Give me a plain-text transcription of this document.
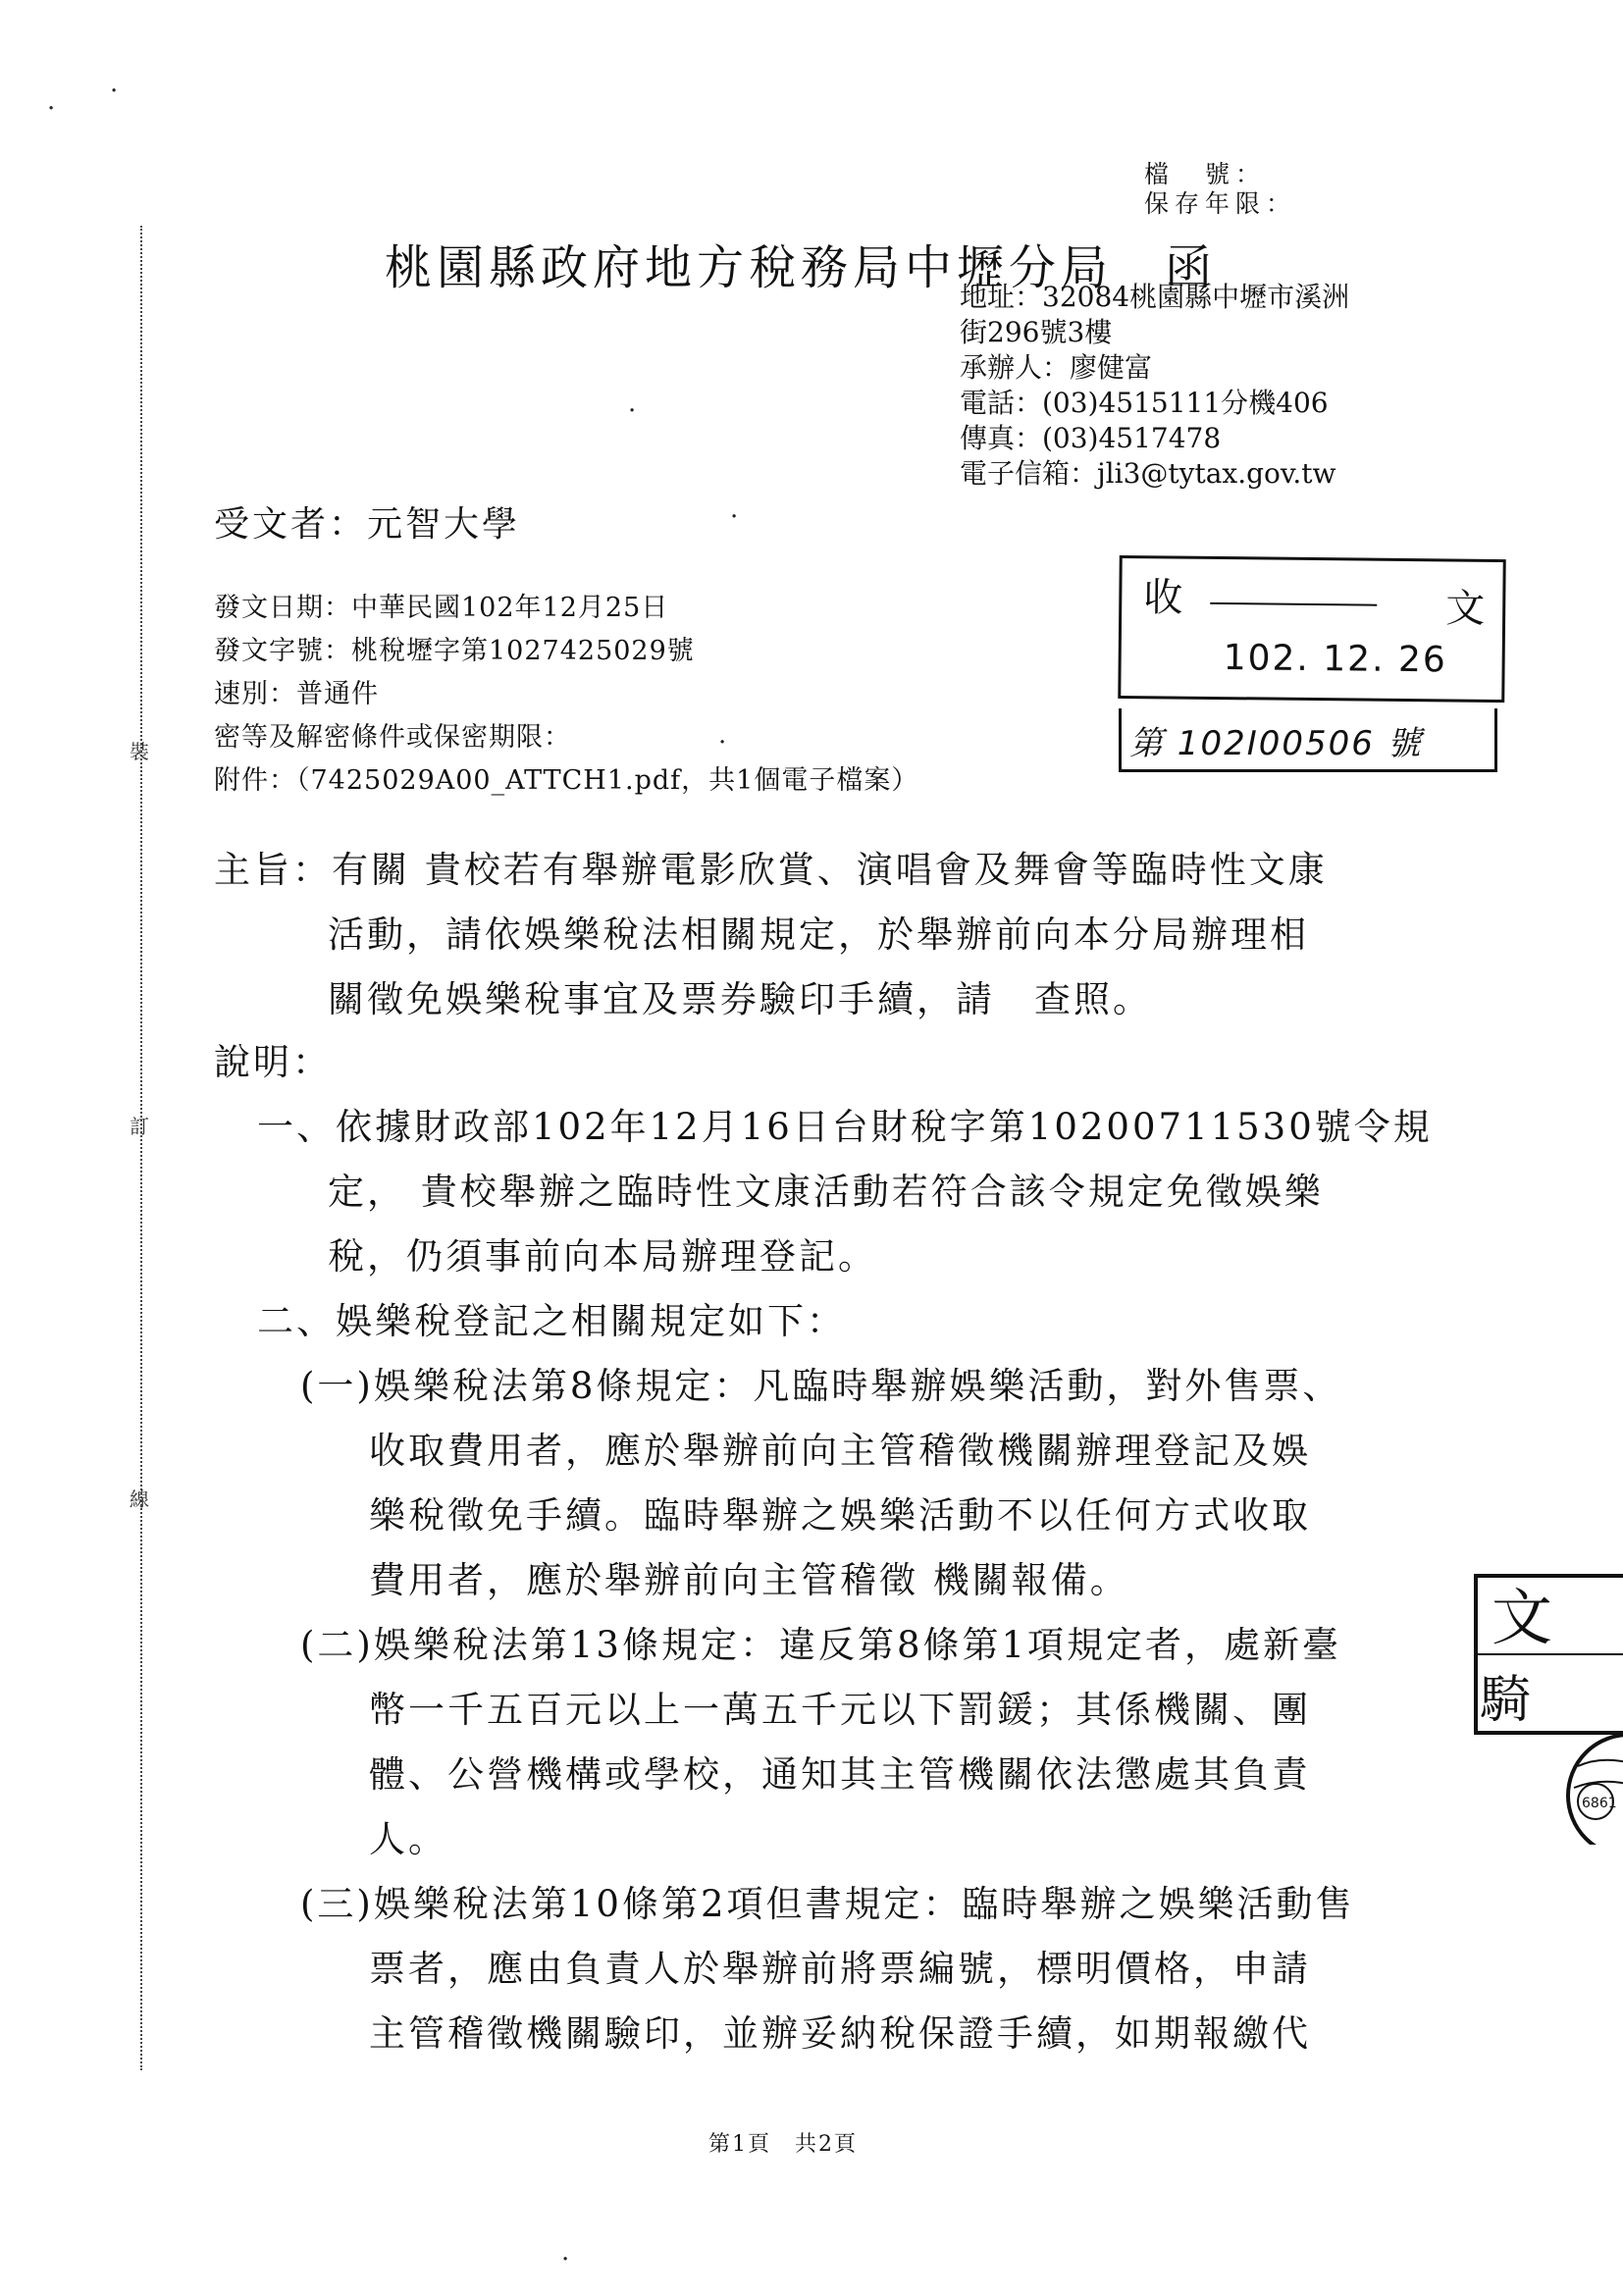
檔　號：
保存年限：
桃園縣政府地方稅務局中壢分局　函
地址：32084桃園縣中壢市溪洲
街296號3樓
承辦人：廖健富
電話：(03)4515111分機406
傳真：(03)4517478
電子信箱：jli3@tytax.gov.tw
受文者：元智大學
發文日期：中華民國102年12月25日
發文字號：桃稅壢字第1027425029號
速別：普通件
密等及解密條件或保密期限：
附件：（7425029A00_ATTCH1.pdf，共1個電子檔案）
收	文
102. 12. 26
第 102I00506 號
主旨：有關 貴校若有舉辦電影欣賞、演唱會及舞會等臨時性文康
活動，請依娛樂稅法相關規定，於舉辦前向本分局辦理相
關徵免娛樂稅事宜及票券驗印手續，請　查照。
說明：
一、依據財政部102年12月16日台財稅字第10200711530號令規
定， 貴校舉辦之臨時性文康活動若符合該令規定免徵娛樂
稅，仍須事前向本局辦理登記。
二、娛樂稅登記之相關規定如下：
(一)娛樂稅法第8條規定：凡臨時舉辦娛樂活動，對外售票、
收取費用者，應於舉辦前向主管稽徵機關辦理登記及娛
樂稅徵免手續。臨時舉辦之娛樂活動不以任何方式收取
費用者，應於舉辦前向主管稽徵 機關報備。
(二)娛樂稅法第13條規定：違反第8條第1項規定者，處新臺
幣一千五百元以上一萬五千元以下罰鍰；其係機關、團
體、公營機構或學校，通知其主管機關依法懲處其負責
人。
(三)娛樂稅法第10條第2項但書規定：臨時舉辦之娛樂活動售
票者，應由負責人於舉辦前將票編號，標明價格，申請
主管稽徵機關驗印，並辦妥納稅保證手續，如期報繳代
裝
訂
線
文
騎
6861
·
·
·
·
·
·
第1頁　共2頁
